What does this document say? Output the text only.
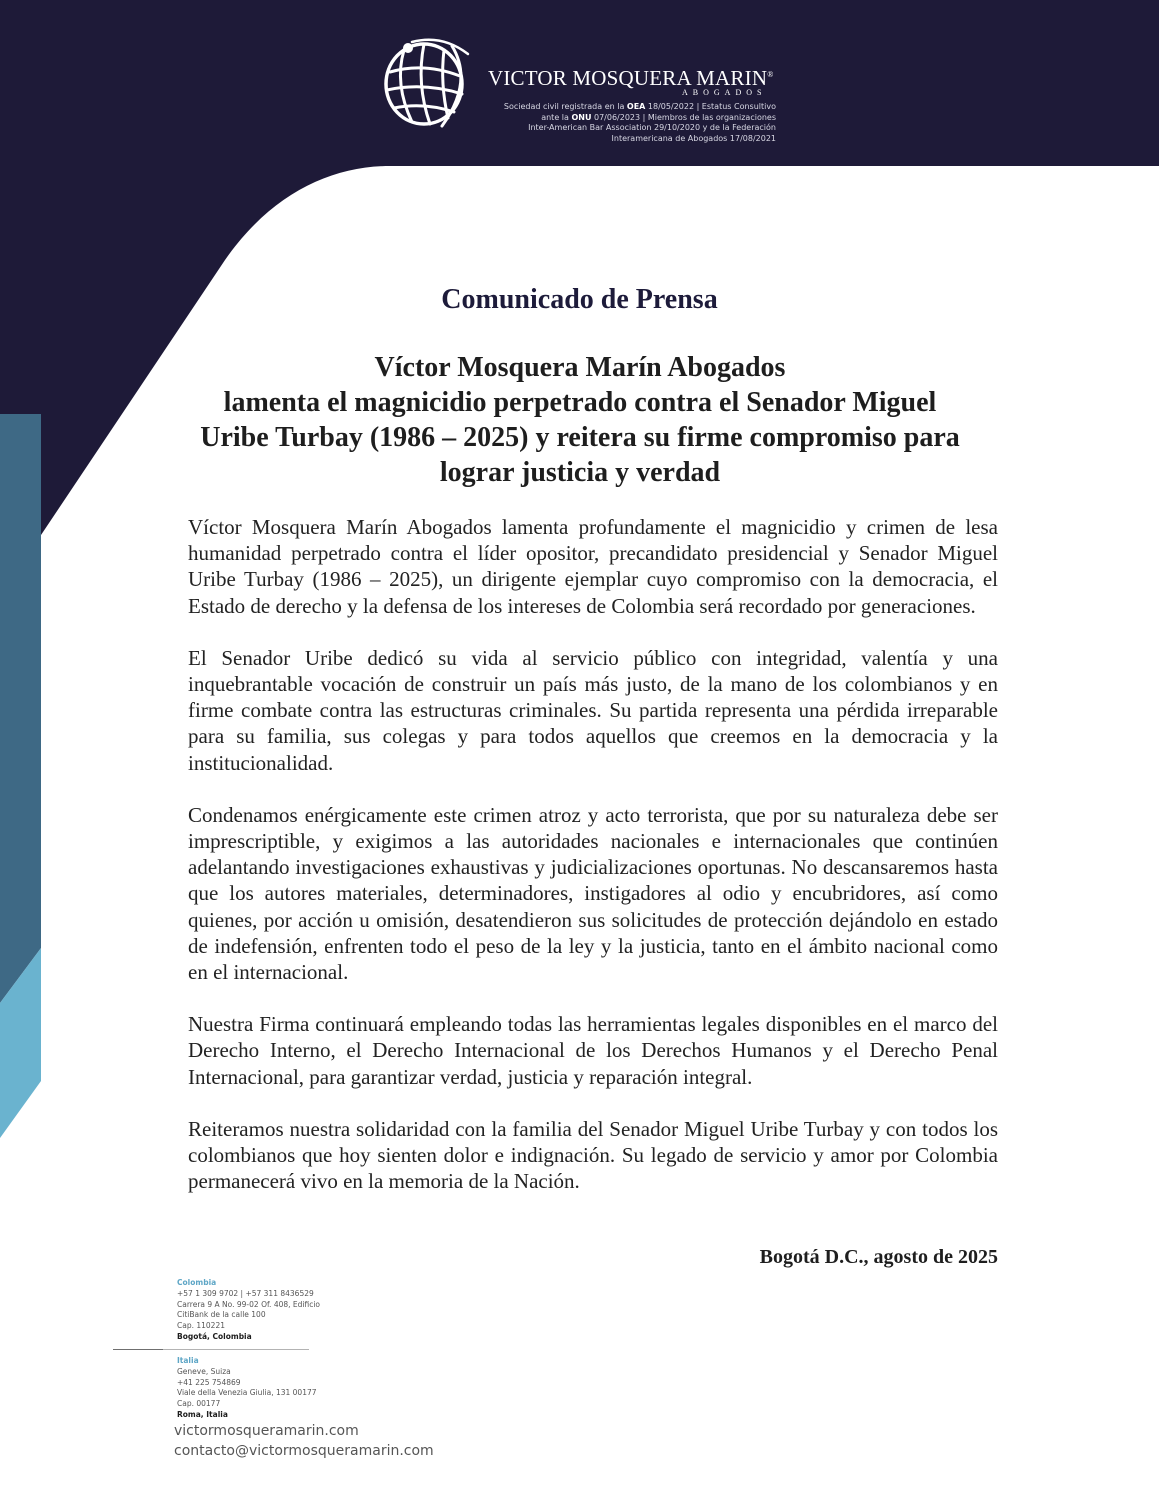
VICTOR MOSQUERA MARIN®
ABOGADOS
Sociedad civil registrada en la OEA 18/05/2022 | Estatus Consultivo
ante la ONU 07/06/2023 | Miembros de las organizaciones
Inter-American Bar Association 29/10/2020 y de la Federación
Interamericana de Abogados 17/08/2021
Comunicado de Prensa
Víctor Mosquera Marín Abogados
lamenta el magnicidio perpetrado contra el Senador Miguel
Uribe Turbay (1986 – 2025) y reitera su firme compromiso para
lograr justicia y verdad

Víctor Mosquera Marín Abogados lamenta profundamente el magnicidio y crimen de lesa humanidad perpetrado contra el líder opositor, precandidato presidencial y Senador Miguel Uribe Turbay (1986 – 2025), un dirigente ejemplar cuyo compromiso con la democracia, el Estado de derecho y la defensa de los intereses de Colombia será recordado por generaciones.

El Senador Uribe dedicó su vida al servicio público con integridad, valentía y una inquebrantable vocación de construir un país más justo, de la mano de los colombianos y en firme combate contra las estructuras criminales. Su partida representa una pérdida irreparable para su familia, sus colegas y para todos aquellos que creemos en la democracia y la institucionalidad.

Condenamos enérgicamente este crimen atroz y acto terrorista, que por su naturaleza debe ser imprescriptible, y exigimos a las autoridades nacionales e internacionales que continúen adelantando investigaciones exhaustivas y judicializaciones oportunas. No descansaremos hasta que los autores materiales, determinadores, instigadores al odio y encubridores, así como quienes, por acción u omisión, desatendieron sus solicitudes de protección dejándolo en estado de indefensión, enfrenten todo el peso de la ley y la justicia, tanto en el ámbito nacional como en el internacional.

Nuestra Firma continuará empleando todas las herramientas legales disponibles en el marco del Derecho Interno, el Derecho Internacional de los Derechos Humanos y el Derecho Penal Internacional, para garantizar verdad, justicia y reparación integral.

Reiteramos nuestra solidaridad con la familia del Senador Miguel Uribe Turbay y con todos los colombianos que hoy sienten dolor e indignación. Su legado de servicio y amor por Colombia permanecerá vivo en la memoria de la Nación.

Bogotá D.C., agosto de 2025
Colombia
+57 1 309 9702 | +57 311 8436529
Carrera 9 A No. 99-02 Of. 408, Edificio
CitiBank de la calle 100
Cap. 110221
Bogotá, Colombia
Italia
Geneve, Suiza
+41 225 754869
Viale della Venezia Giulia, 131 00177
Cap. 00177
Roma, Italia
victormosqueramarin.com
contacto@victormosqueramarin.com
